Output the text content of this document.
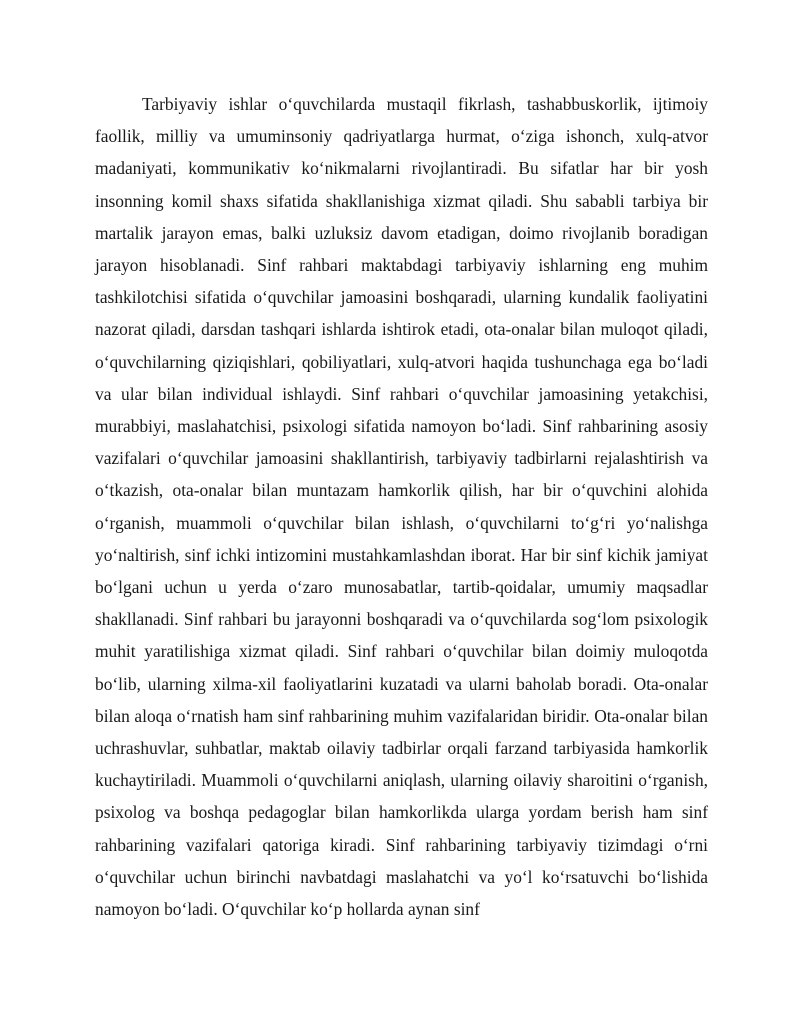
Tarbiyaviy ishlar o‘quvchilarda mustaqil fikrlash, tashabbuskorlik, ijtimoiy faollik, milliy va umuminsoniy qadriyatlarga hurmat, o‘ziga ishonch, xulq-atvor madaniyati, kommunikativ ko‘nikmalarni rivojlantiradi. Bu sifatlar har bir yosh insonning komil shaxs sifatida shakllanishiga xizmat qiladi. Shu sababli tarbiya bir martalik jarayon emas, balki uzluksiz davom etadigan, doimo rivojlanib boradigan jarayon hisoblanadi. Sinf rahbari maktabdagi tarbiyaviy ishlarning eng muhim tashkilotchisi sifatida o‘quvchilar jamoasini boshqaradi, ularning kundalik faoliyatini nazorat qiladi, darsdan tashqari ishlarda ishtirok etadi, ota-onalar bilan muloqot qiladi, o‘quvchilarning qiziqishlari, qobiliyatlari, xulq-atvori haqida tushunchaga ega bo‘ladi va ular bilan individual ishlaydi. Sinf rahbari o‘quvchilar jamoasining yetakchisi, murabbiyi, maslahatchisi, psixologi sifatida namoyon bo‘ladi. Sinf rahbarining asosiy vazifalari o‘quvchilar jamoasini shakllantirish, tarbiyaviy tadbirlarni rejalashtirish va o‘tkazish, ota-onalar bilan muntazam hamkorlik qilish, har bir o‘quvchini alohida o‘rganish, muammoli o‘quvchilar bilan ishlash, o‘quvchilarni to‘g‘ri yo‘nalishga yo‘naltirish, sinf ichki intizomini mustahkamlashdan iborat. Har bir sinf kichik jamiyat bo‘lgani uchun u yerda o‘zaro munosabatlar, tartib-qoidalar, umumiy maqsadlar shakllanadi. Sinf rahbari bu jarayonni boshqaradi va o‘quvchilarda sog‘lom psixologik muhit yaratilishiga xizmat qiladi. Sinf rahbari o‘quvchilar bilan doimiy muloqotda bo‘lib, ularning xilma-xil faoliyatlarini kuzatadi va ularni baholab boradi. Ota-onalar bilan aloqa o‘rnatish ham sinf rahbarining muhim vazifalaridan biridir. Ota-onalar bilan uchrashuvlar, suhbatlar, maktab oilaviy tadbirlar orqali farzand tarbiyasida hamkorlik kuchaytiriladi. Muammoli o‘quvchilarni aniqlash, ularning oilaviy sharoitini o‘rganish, psixolog va boshqa pedagoglar bilan hamkorlikda ularga yordam berish ham sinf rahbarining vazifalari qatoriga kiradi. Sinf rahbarining tarbiyaviy tizimdagi o‘rni o‘quvchilar uchun birinchi navbatdagi maslahatchi va yo‘l ko‘rsatuvchi bo‘lishida namoyon bo‘ladi. O‘quvchilar ko‘p hollarda aynan sinf
